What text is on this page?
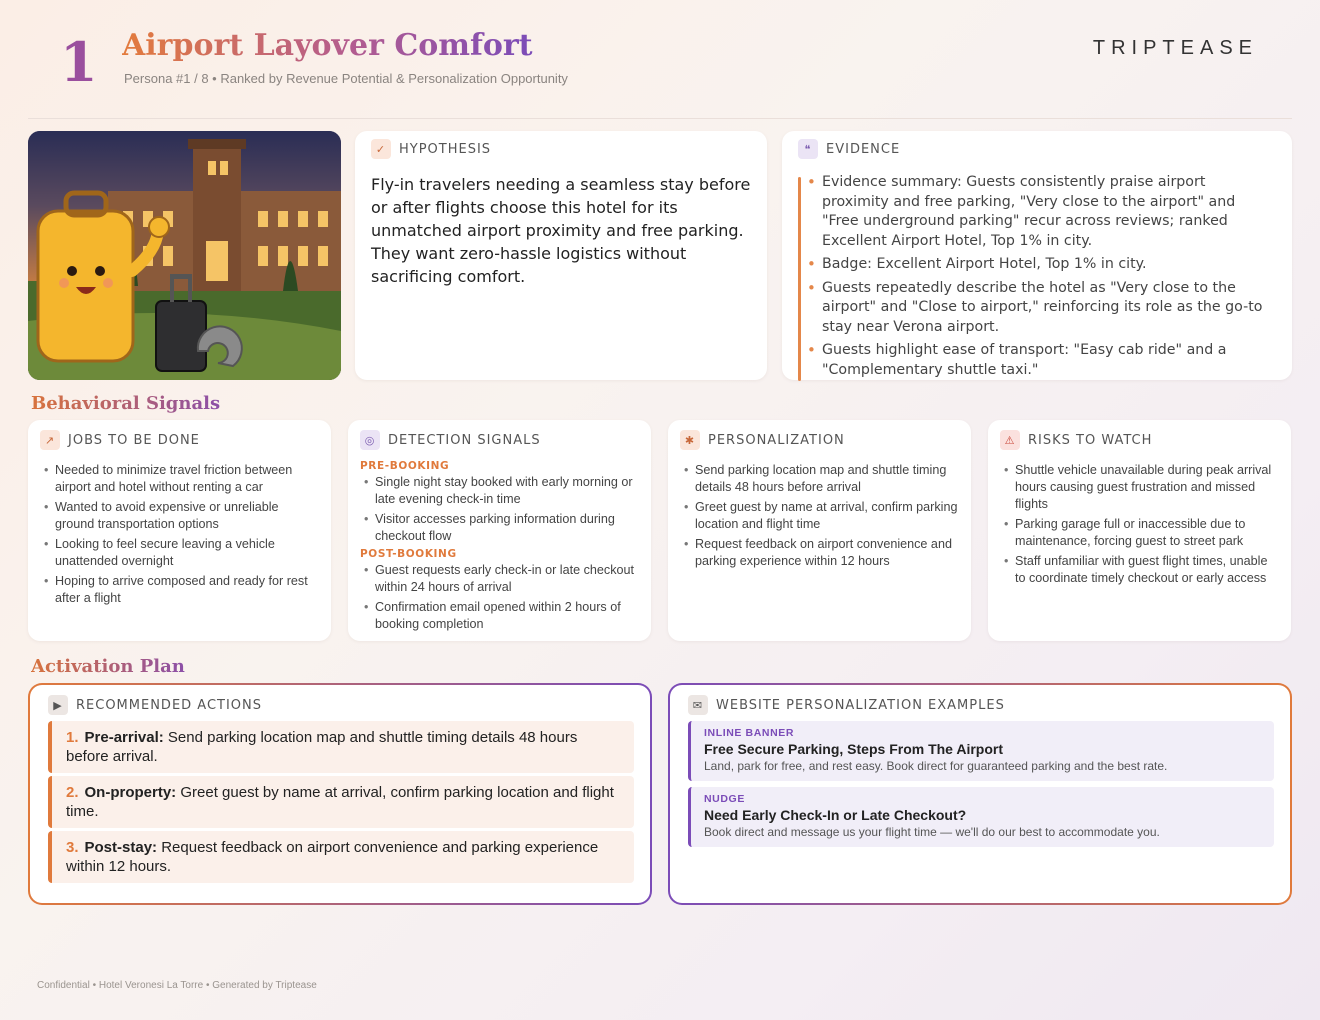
1 Airport Layover Comfort
Persona #1 / 8 • Ranked by Revenue Potential & Personalization Opportunity
TRIPTEASE
✓ HYPOTHESIS
Fly-in travelers needing a seamless stay before or after flights choose this hotel for its unmatched airport proximity and free parking. They want zero-hassle logistics without sacrificing comfort.
❝	EVIDENCE
• Evidence summary: Guests consistently praise airport proximity and free parking, "Very close to the airport" and "Free underground parking" recur across reviews; ranked Excellent Airport Hotel, Top 1% in city.
• Badge: Excellent Airport Hotel, Top 1% in city.
• Guests repeatedly describe the hotel as "Very close to the airport" and "Close to airport," reinforcing its role as the go-to stay near Verona airport.
• Guests highlight ease of transport: "Easy cab ride" and a "Complementary shuttle taxi."
Behavioral Signals
↗ JOBS TO BE DONE
• Needed to minimize travel friction between airport and hotel without renting a car
• Wanted to avoid expensive or unreliable ground transportation options
• Looking to feel secure leaving a vehicle unattended overnight
• Hoping to arrive composed and ready for rest after a flight
◎ DETECTION SIGNALS
PRE-BOOKING
• Single night stay booked with early morning or late evening check-in time
• Visitor accesses parking information during checkout flow
POST-BOOKING
• Guest requests early check-in or late checkout within 24 hours of arrival
• Confirmation email opened within 2 hours of booking completion
✱ PERSONALIZATION
• Send parking location map and shuttle timing details 48 hours before arrival
• Greet guest by name at arrival, confirm parking location and flight time
• Request feedback on airport convenience and parking experience within 12 hours
⚠ RISKS TO WATCH
• Shuttle vehicle unavailable during peak arrival hours causing guest frustration and missed flights
• Parking garage full or inaccessible due to maintenance, forcing guest to street park
• Staff unfamiliar with guest flight times, unable to coordinate timely checkout or early access
Activation Plan
▶	RECOMMENDED ACTIONS
1. Pre-arrival: Send parking location map and shuttle timing details 48 hours before arrival.
2. On-property: Greet guest by name at arrival, confirm parking location and flight time.
3. Post-stay: Request feedback on airport convenience and parking experience within 12 hours.
✉ WEBSITE PERSONALIZATION EXAMPLES
INLINE BANNER
Free Secure Parking, Steps From The Airport
Land, park for free, and rest easy. Book direct for guaranteed parking and the best rate.
NUDGE
Need Early Check-In or Late Checkout?
Book direct and message us your flight time — we'll do our best to accommodate you.
Confidential • Hotel Veronesi La Torre • Generated by Triptease
